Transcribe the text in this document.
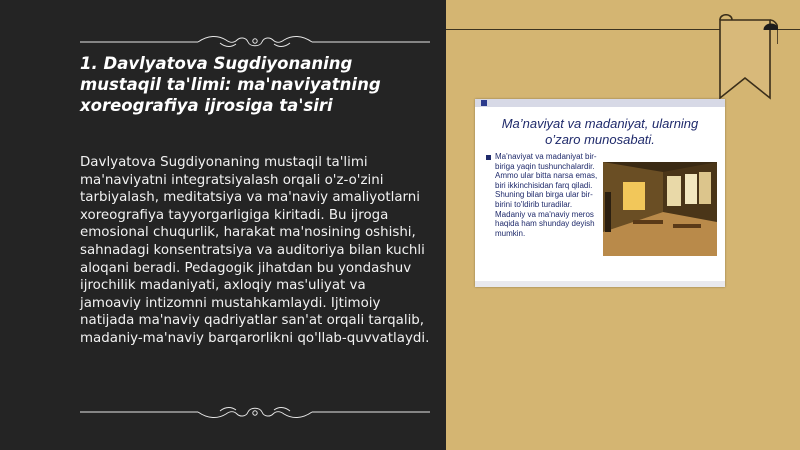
1. Davlyatova Sugdiyonaning mustaqil ta'limi: ma'naviyatning xoreografiya ijrosiga ta'siri

Davlyatova Sugdiyonaning mustaqil ta'limi ma'naviyatni integratsiyalash orqali o'z-o'zini tarbiyalash, meditatsiya va ma'naviy amaliyotlarni xoreografiya tayyorgarligiga kiritadi. Bu ijroga emosional chuqurlik, harakat ma'nosining oshishi, sahnadagi konsentratsiya va auditoriya bilan kuchli aloqani beradi. Pedagogik jihatdan bu yondashuv ijrochilik madaniyati, axloqiy mas'uliyat va jamoaviy intizomni mustahkamlaydi. Ijtimoiy natijada ma'naviy qadriyatlar san'at orqali tarqalib, madaniy-ma'naviy barqarorlikni qo'llab-quvvatlaydi.

Ma’naviyat va madaniyat, ularning o’zaro munosabati.

Ma'naviyat va madaniyat bir-biriga yaqin tushunchalardir. Ammo ular bitta narsa emas, biri ikkinchisidan farq qiladi. Shuning bilan birga ular bir-birini to'ldirib turadilar. Madaniy va ma'naviy meros haqida ham shunday deyish mumkin.
